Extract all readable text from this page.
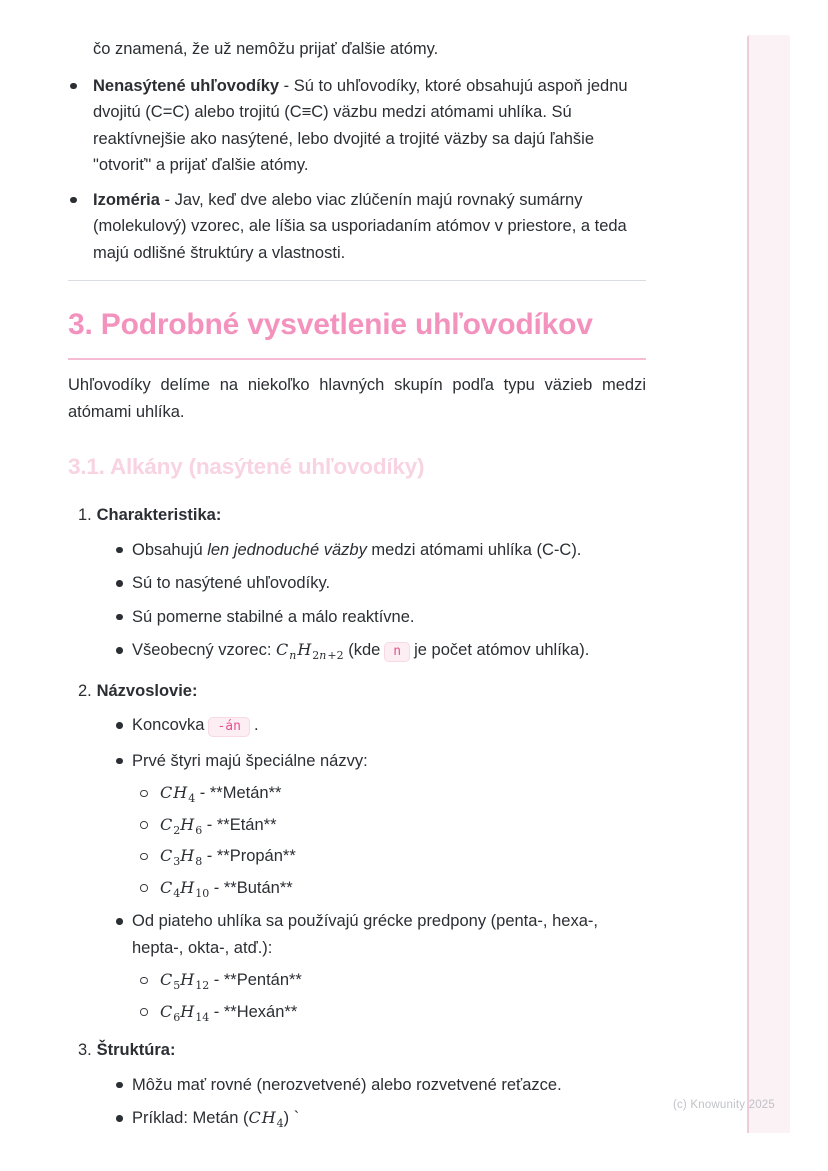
čo znamená, že už nemôžu prijať ďalšie atómy.

Nenasýtené uhľovodíky - Sú to uhľovodíky, ktoré obsahujú aspoň jednu dvojitú (C=C) alebo trojitú (C≡C) väzbu medzi atómami uhlíka. Sú reaktívnejšie ako nasýtené, lebo dvojité a trojité väzby sa dajú ľahšie "otvoriť" a prijať ďalšie atómy.
Izoméria - Jav, keď dve alebo viac zlúčenín majú rovnaký sumárny (molekulový) vzorec, ale líšia sa usporiadaním atómov v priestore, a teda majú odlišné štruktúry a vlastnosti.
3. Podrobné vysvetlenie uhľovodíkov

Uhľovodíky delíme na niekoľko hlavných skupín podľa typu väzieb medzi atómami uhlíka.

3.1. Alkány (nasýtené uhľovodíky)
1. Charakteristika:
Obsahujú len jednoduché väzby medzi atómami uhlíka (C-C).
Sú to nasýtené uhľovodíky.
Sú pomerne stabilné a málo reaktívne.
Všeobecný vzorec: $C_nH_{2n+2}$ (kde n je počet atómov uhlíka).
2. Názvoslovie:
Koncovka -án .
Prvé štyri majú špeciálne názvy:
$CH_4$ - **Metán**
$C_2H_6$ - **Etán**
$C_3H_8$ - **Propán**
$C_4H_{10}$ - **Bután**
Od piateho uhlíka sa používajú grécke predpony (penta-, hexa-, hepta-, okta-, atď.):
$C_5H_{12}$ - **Pentán**
$C_6H_{14}$ - **Hexán**
3. Štruktúra:
Môžu mať rovné (nerozvetvené) alebo rozvetvené reťazce.
Príklad: Metán $(CH_4)$ `
(c) Knowunity 2025
